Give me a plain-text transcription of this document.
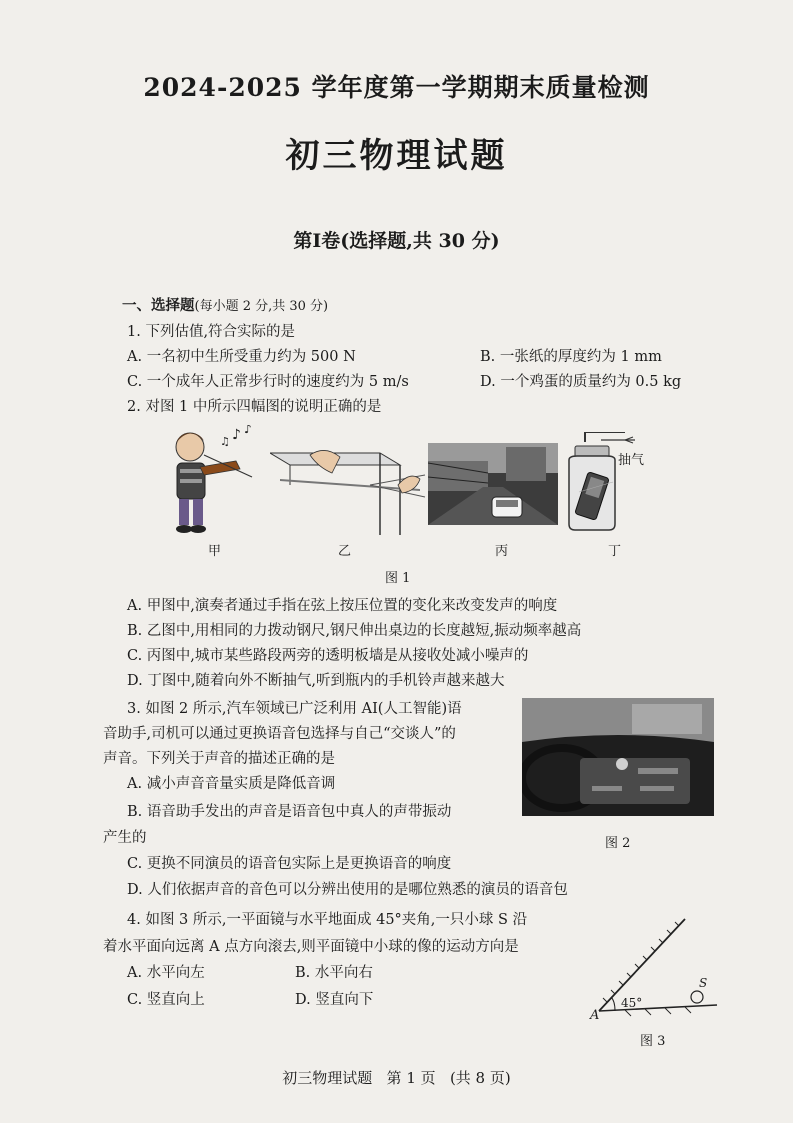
2024-2025 学年度第一学期期末质量检测
初三物理试题
第Ⅰ卷(选择题,共 30 分)
一、选择题(每小题 2 分,共 30 分)
1. 下列估值,符合实际的是
A. 一名初中生所受重力约为 500 N	B. 一张纸的厚度约为 1 mm
C. 一个成年人正常步行时的速度约为 5 m/s	D. 一个鸡蛋的质量约为 0.5 kg
2. 对图 1 中所示四幅图的说明正确的是
♪ ♪
♫
抽气
甲	乙	丙	丁
图 1
A. 甲图中,演奏者通过手指在弦上按压位置的变化来改变发声的响度
B. 乙图中,用相同的力拨动钢尺,钢尺伸出桌边的长度越短,振动频率越高
C. 丙图中,城市某些路段两旁的透明板墙是从接收处减小噪声的
D. 丁图中,随着向外不断抽气,听到瓶内的手机铃声越来越大
3. 如图 2 所示,汽车领域已广泛利用 AI(人工智能)语
音助手,司机可以通过更换语音包选择与自己“交谈人”的
声音。下列关于声音的描述正确的是
A. 减小声音音量实质是降低音调
B. 语音助手发出的声音是语音包中真人的声带振动
产生的
C. 更换不同演员的语音包实际上是更换语音的响度
D. 人们依据声音的音色可以分辨出使用的是哪位熟悉的演员的语音包
图 2
4. 如图 3 所示,一平面镜与水平地面成 45°夹角,一只小球 S 沿
着水平面向远离 A 点方向滚去,则平面镜中小球的像的运动方向是
A. 水平向左	B. 水平向右
C. 竖直向上	D. 竖直向下	45°
A
S
图 3
初三物理试题   第 1 页   (共 8 页)
